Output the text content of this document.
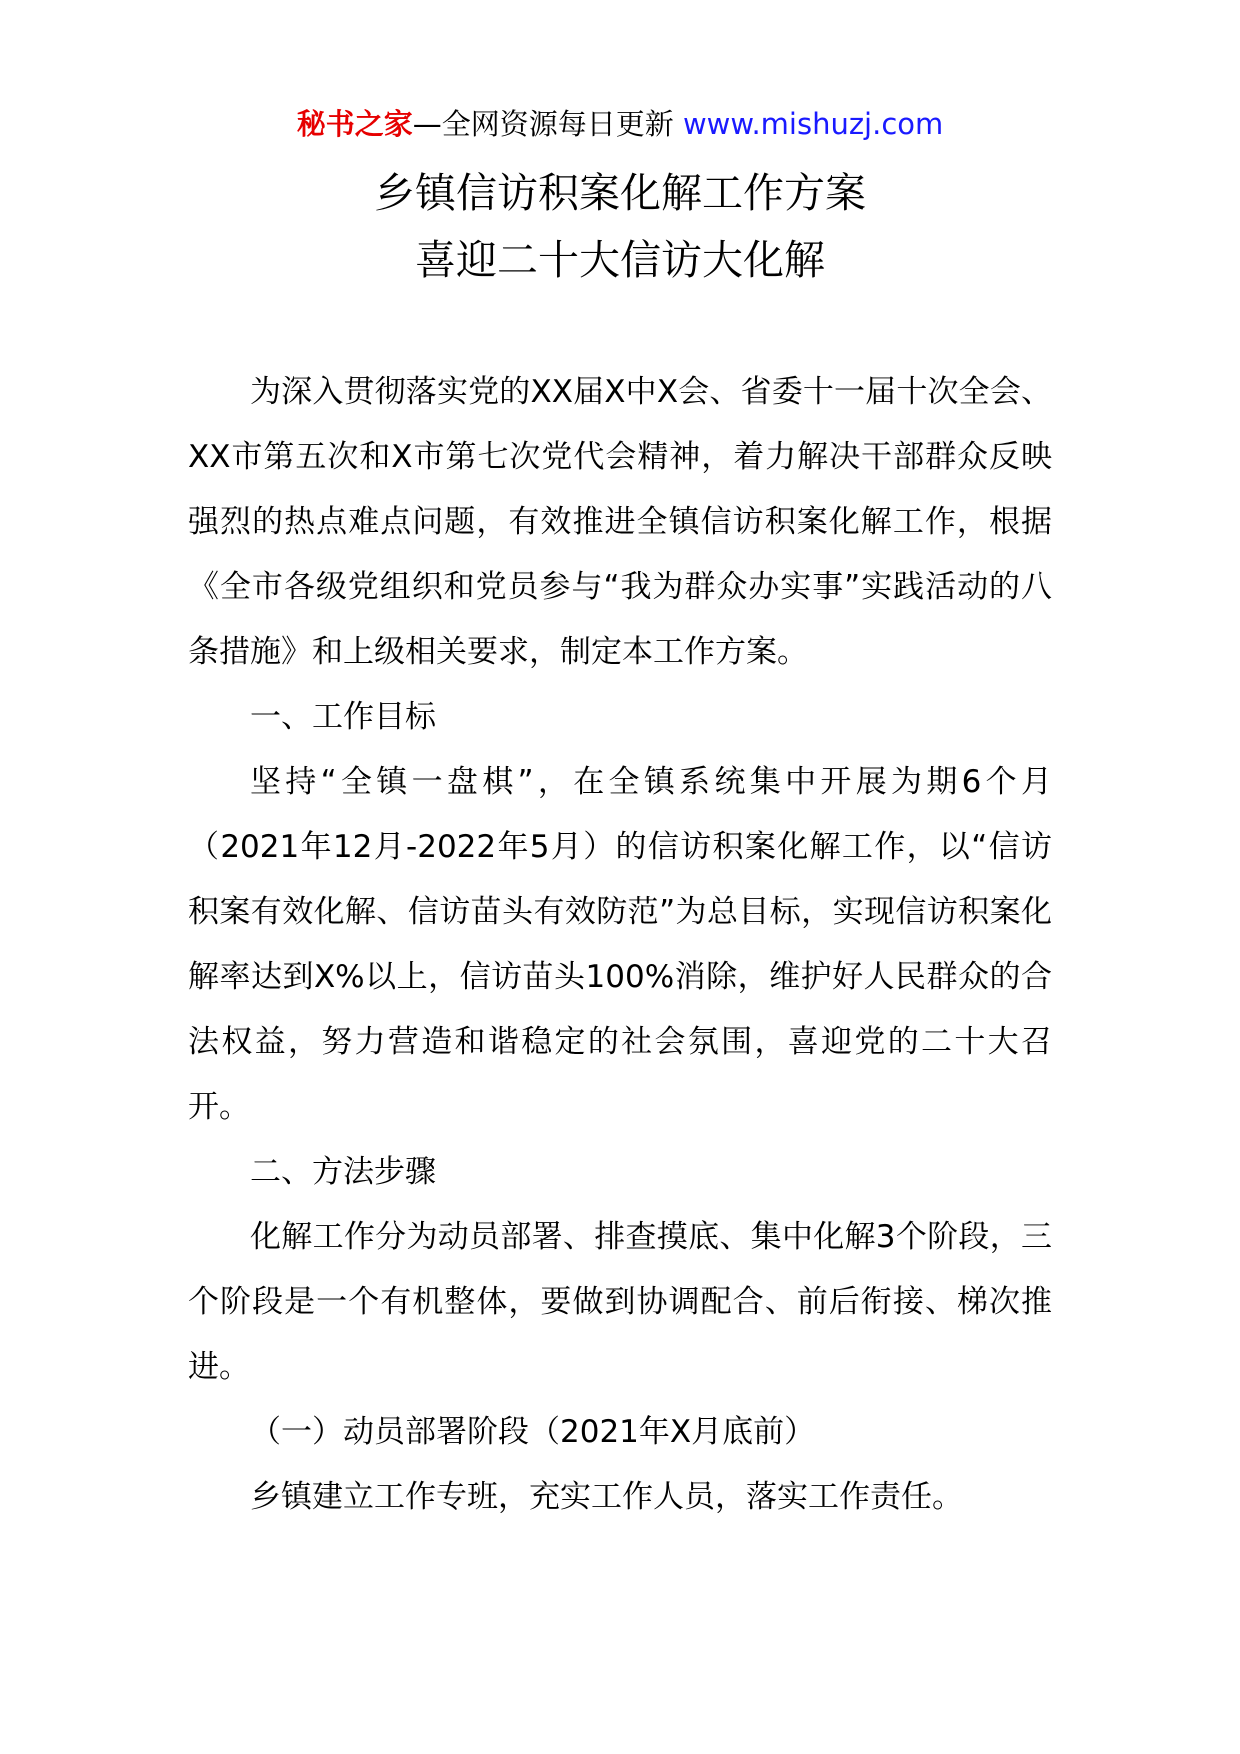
秘书之家—全网资源每日更新 www.mishuzj.com
乡镇信访积案化解工作方案
喜迎二十大信访大化解

为深入贯彻落实党的XX届X中X会、省委十一届十次全会、XX市第五次和X市第七次党代会精神，着力解决干部群众反映强烈的热点难点问题，有效推进全镇信访积案化解工作，根据《全市各级党组织和党员参与“我为群众办实事”实践活动的八条措施》和上级相关要求，制定本工作方案。

一、工作目标

坚持“全镇一盘棋”，在全镇系统集中开展为期6个月（2021年12月-2022年5月）的信访积案化解工作，以“信访积案有效化解、信访苗头有效防范”为总目标，实现信访积案化解率达到X%以上，信访苗头100%消除，维护好人民群众的合法权益，努力营造和谐稳定的社会氛围，喜迎党的二十大召开。

二、方法步骤

化解工作分为动员部署、排查摸底、集中化解3个阶段，三个阶段是一个有机整体，要做到协调配合、前后衔接、梯次推进。

（一）动员部署阶段（2021年X月底前）

乡镇建立工作专班，充实工作人员，落实工作责任。
